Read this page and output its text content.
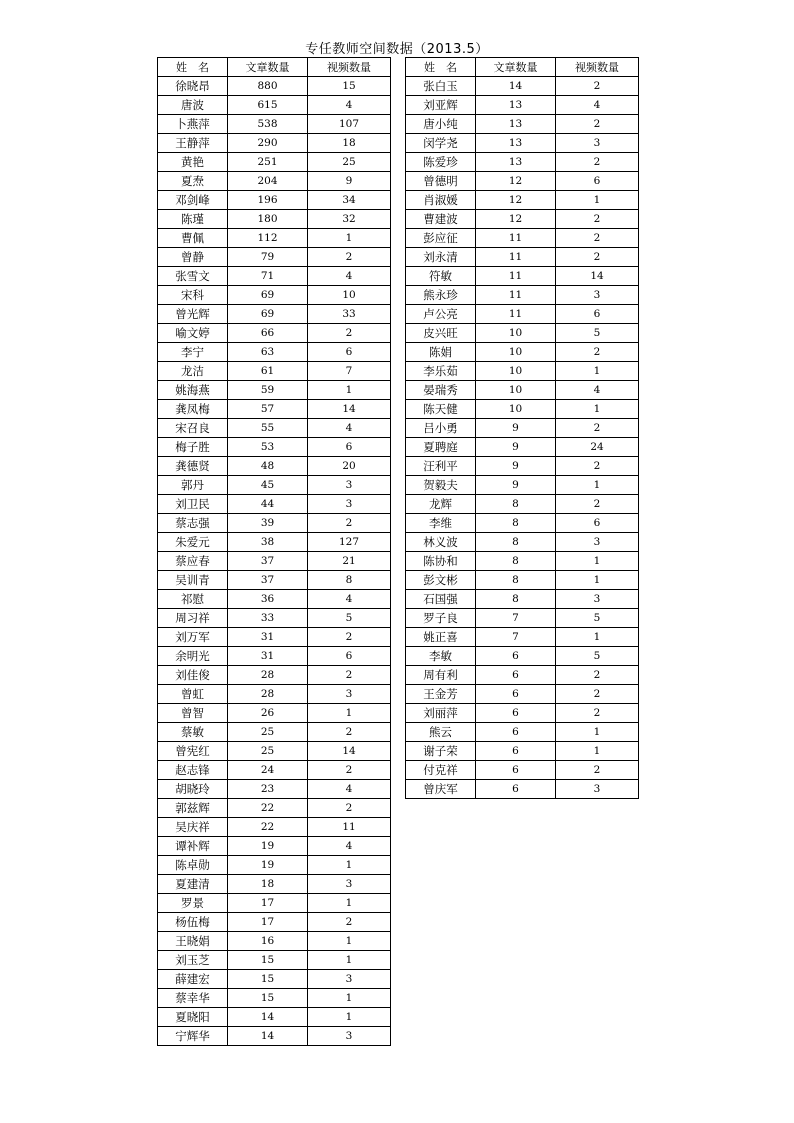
专任教师空间数据（2013.5）
姓　名	文章数量	视频数量
徐晓昂	880	15
唐波	615	4
卜燕萍	538	107
王静萍	290	18
黄艳	251	25
夏焘	204	9
邓剑峰	196	34
陈瑾	180	32
曹佩	112	1
曾静	79	2
张雪文	71	4
宋科	69	10
曾光辉	69	33
喻文婷	66	2
李宁	63	6
龙洁	61	7
姚海燕	59	1
龚凤梅	57	14
宋召良	55	4
梅子胜	53	6
龚德贤	48	20
郭丹	45	3
刘卫民	44	3
蔡志强	39	2
朱爱元	38	127
蔡应春	37	21
吴训青	37	8
祁慰	36	4
周习祥	33	5
刘万军	31	2
余明光	31	6
刘佳俊	28	2
曾虹	28	3
曾智	26	1
蔡敏	25	2
曾宪红	25	14
赵志锋	24	2
胡晓玲	23	4
郭兹辉	22	2
吴庆祥	22	11
谭补辉	19	4
陈卓勋	19	1
夏建清	18	3
罗景	17	1
杨伍梅	17	2
王晓娟	16	1
刘玉芝	15	1
薛建宏	15	3
蔡幸华	15	1
夏晓阳	14	1
宁辉华	14	3
姓　名	文章数量	视频数量
张白玉	14	2
刘亚辉	13	4
唐小纯	13	2
闵学尧	13	3
陈爱珍	13	2
曾德明	12	6
肖淑媛	12	1
曹建波	12	2
彭应征	11	2
刘永清	11	2
符敏	11	14
熊永珍	11	3
卢公亮	11	6
皮兴旺	10	5
陈娟	10	2
李乐茹	10	1
晏瑞秀	10	4
陈天健	10	1
吕小勇	9	2
夏聘庭	9	24
汪利平	9	2
贺毅夫	9	1
龙辉	8	2
李维	8	6
林义波	8	3
陈协和	8	1
彭文彬	8	1
石国强	8	3
罗子良	7	5
姚正喜	7	1
李敏	6	5
周有利	6	2
王金芳	6	2
刘丽萍	6	2
熊云	6	1
谢子荣	6	1
付克祥	6	2
曾庆军	6	3
